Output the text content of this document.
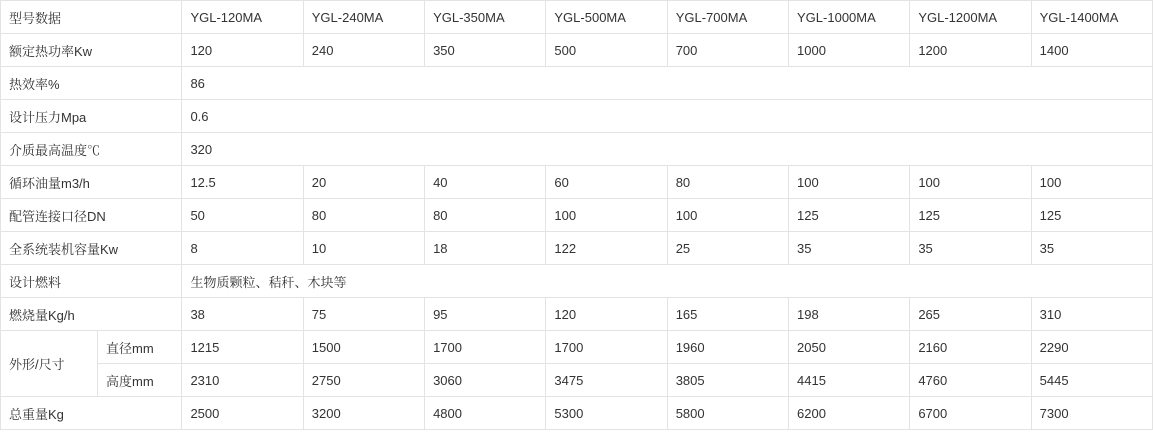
型号数据		YGL-120MA	YGL-240MA	YGL-350MA	YGL-500MA	YGL-700MA	YGL-1000MA	YGL-1200MA	YGL-1400MA
额定热功率Kw		120	240	350	500	700	1000	1200	1400
热效率%		86							
设计压力Mpa		0.6							
介质最高温度℃		320							
循环油量m3/h		12.5	20	40	60	80	100	100	100
配管连接口径DN		50	80	80	100	100	125	125	125
全系统装机容量Kw		8	10	18	122	25	35	35	35
设计燃料		生物质颗粒、秸秆、木块等							
燃烧量Kg/h		38	75	95	120	165	198	265	310
外形/尺寸	直径mm	1215	1500	1700	1700	1960	2050	2160	2290
	高度mm	2310	2750	3060	3475	3805	4415	4760	5445
总重量Kg		2500	3200	4800	5300	5800	6200	6700	7300
